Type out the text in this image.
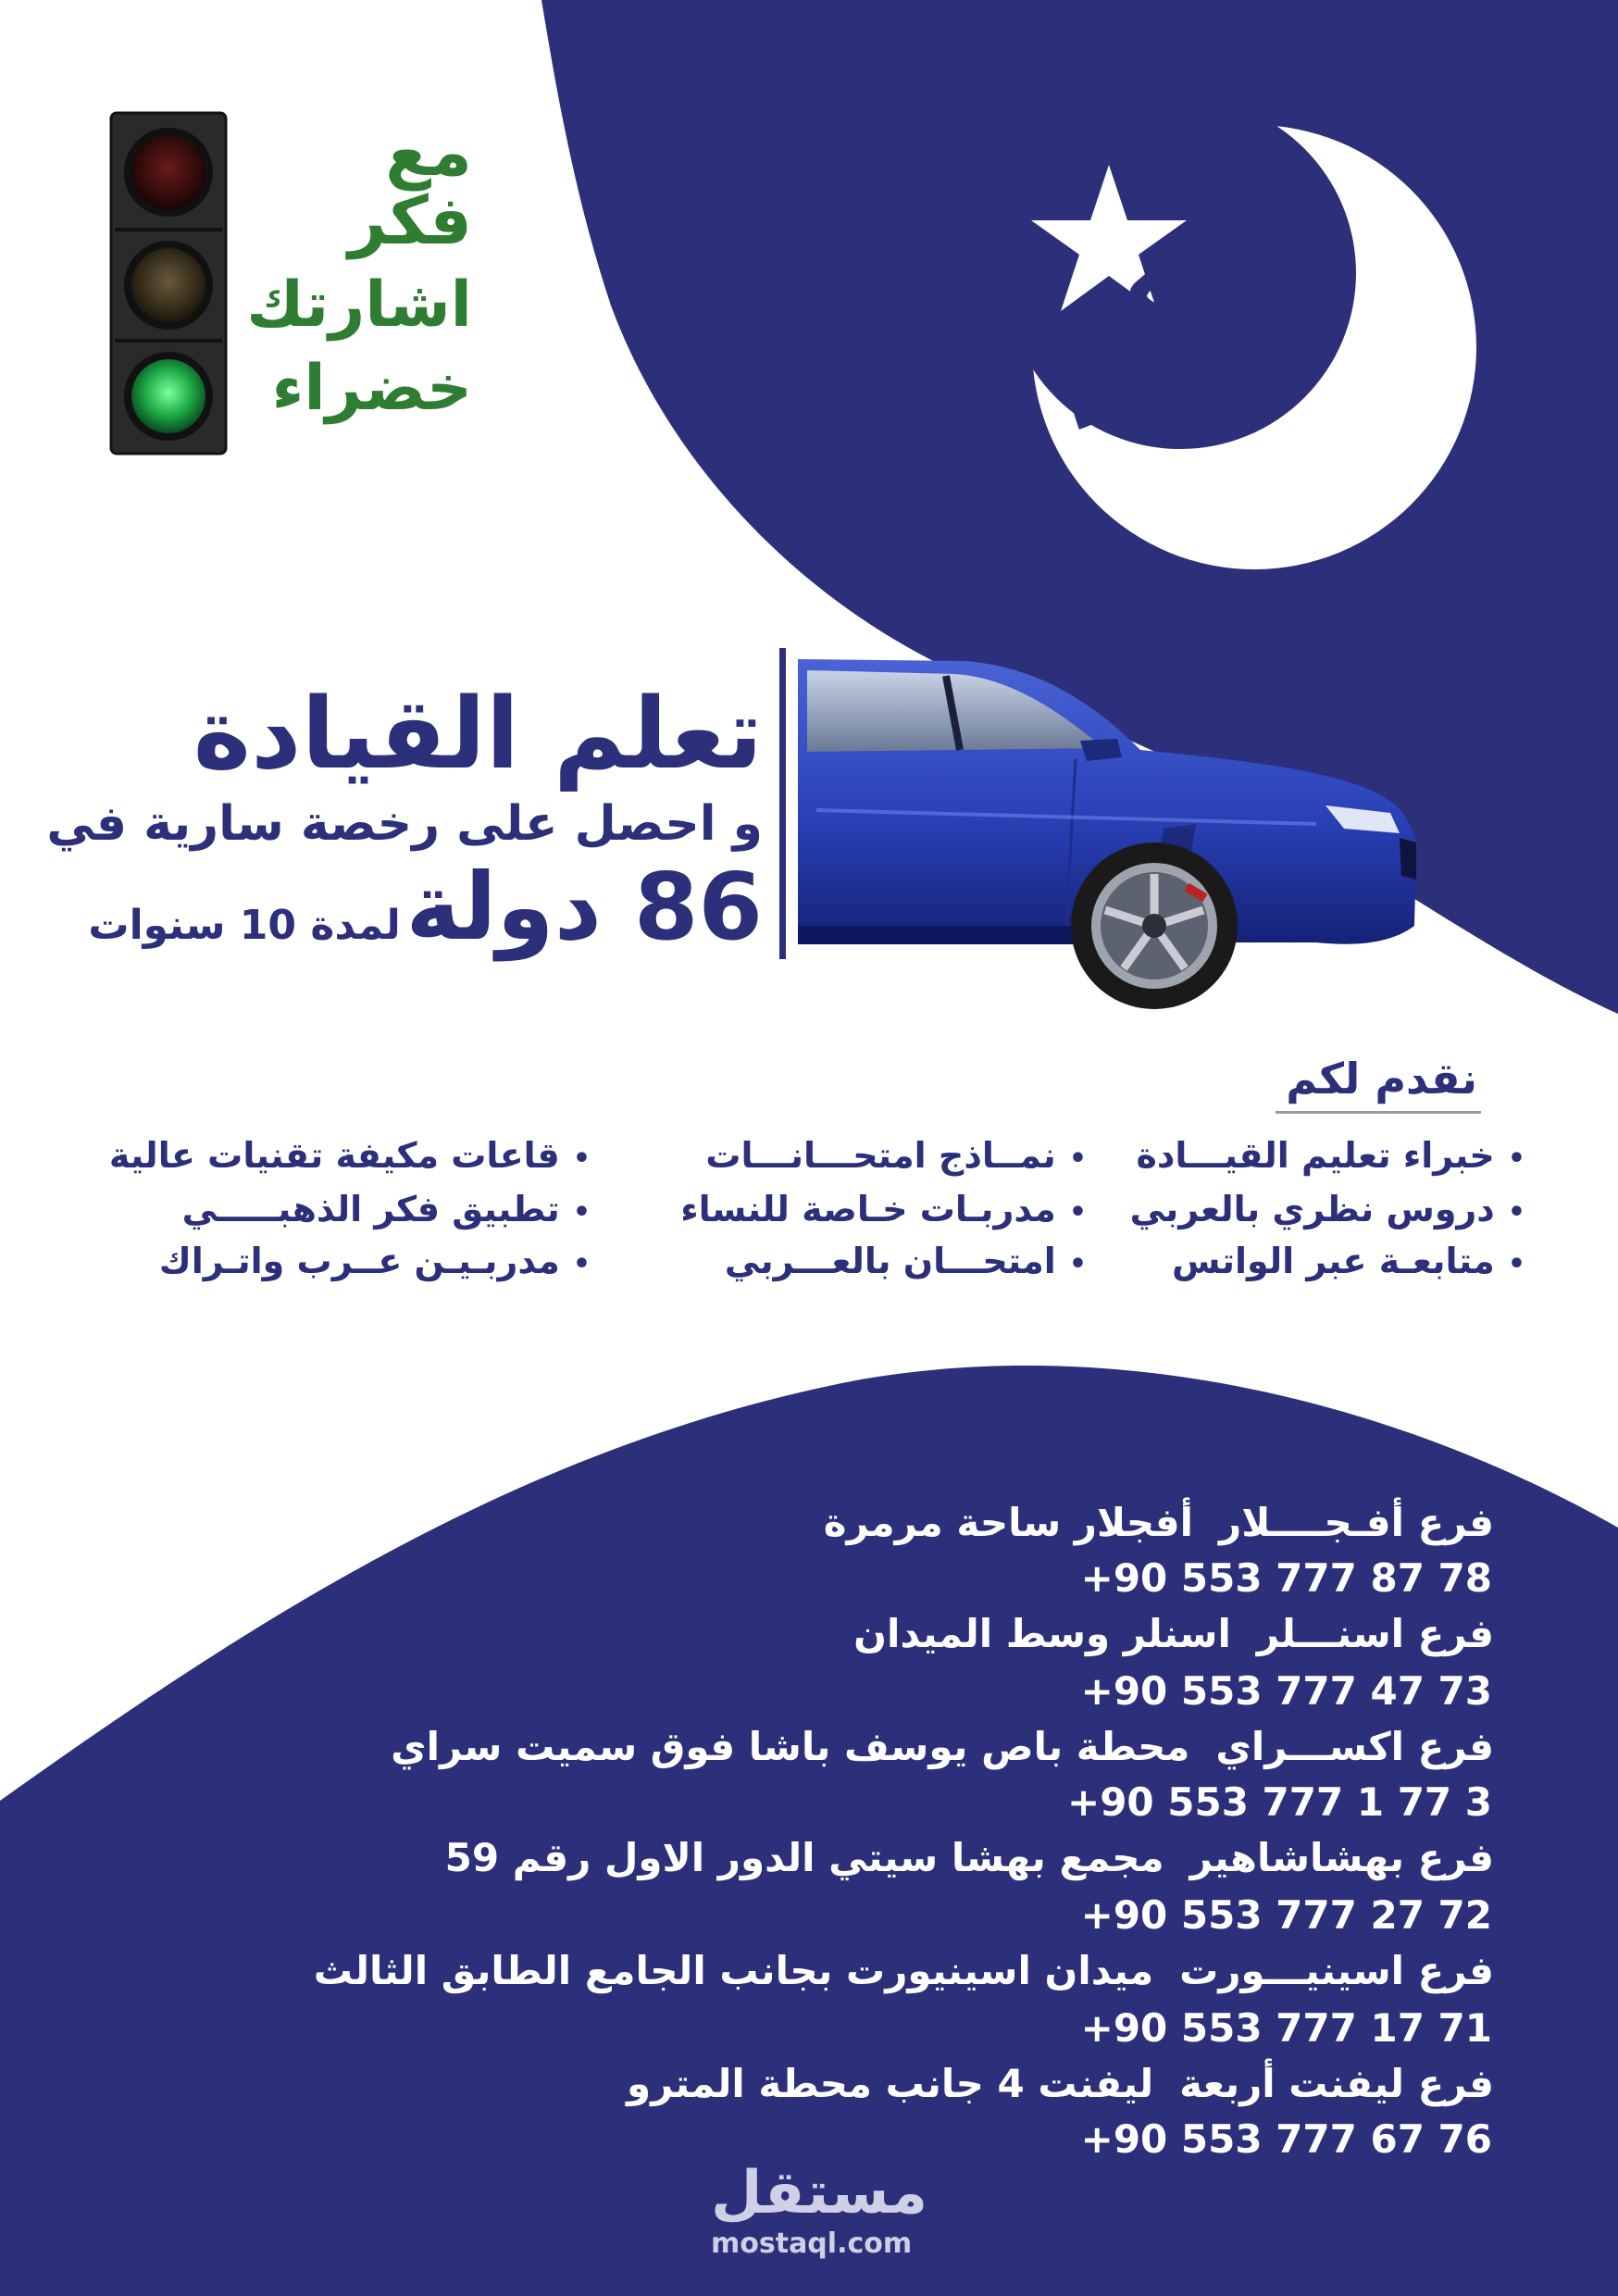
مع
فكر
اشارتك
خضراء	فكر
تعلم القيادة
و احصل على رخصة سارية في
86 دولة لمدة 10 سنوات
نقدم لكم
•خبراء تعليم القيـــادة
•دروس نظري بالعربي
•متابعـة عبر الواتس
•نمــاذج امتحـــانـــات
•مدربـات خـاصة للنساء
•امتحـــان بالعـــربي
•قاعات مكيفة تقنيات عالية
•تطبيق فكر الذهبـــــي
•مدربـيـن عــرب واتـراك
فرع أفـجــــلارأفجلار ساحة مرمرة
+90 553 777 87 78
فرع اسنـــلراسنلر وسط الميدان
+90 553 777 47 73
فرع اكســـرايمحطة باص يوسف باشا فوق سميت سراي
+90 553 777 1 77 3
فرع بهشاشاهيرمجمع بهشا سيتي الدور الاول رقم 59
+90 553 777 27 72
فرع اسينيـــورتميدان اسينيورت بجانب الجامع الطابق الثالث
+90 553 777 17 71
فرع ليفنت أربعةليفنت 4 جانب محطة المترو
+90 553 777 67 76
مستقل
mostaql.com
